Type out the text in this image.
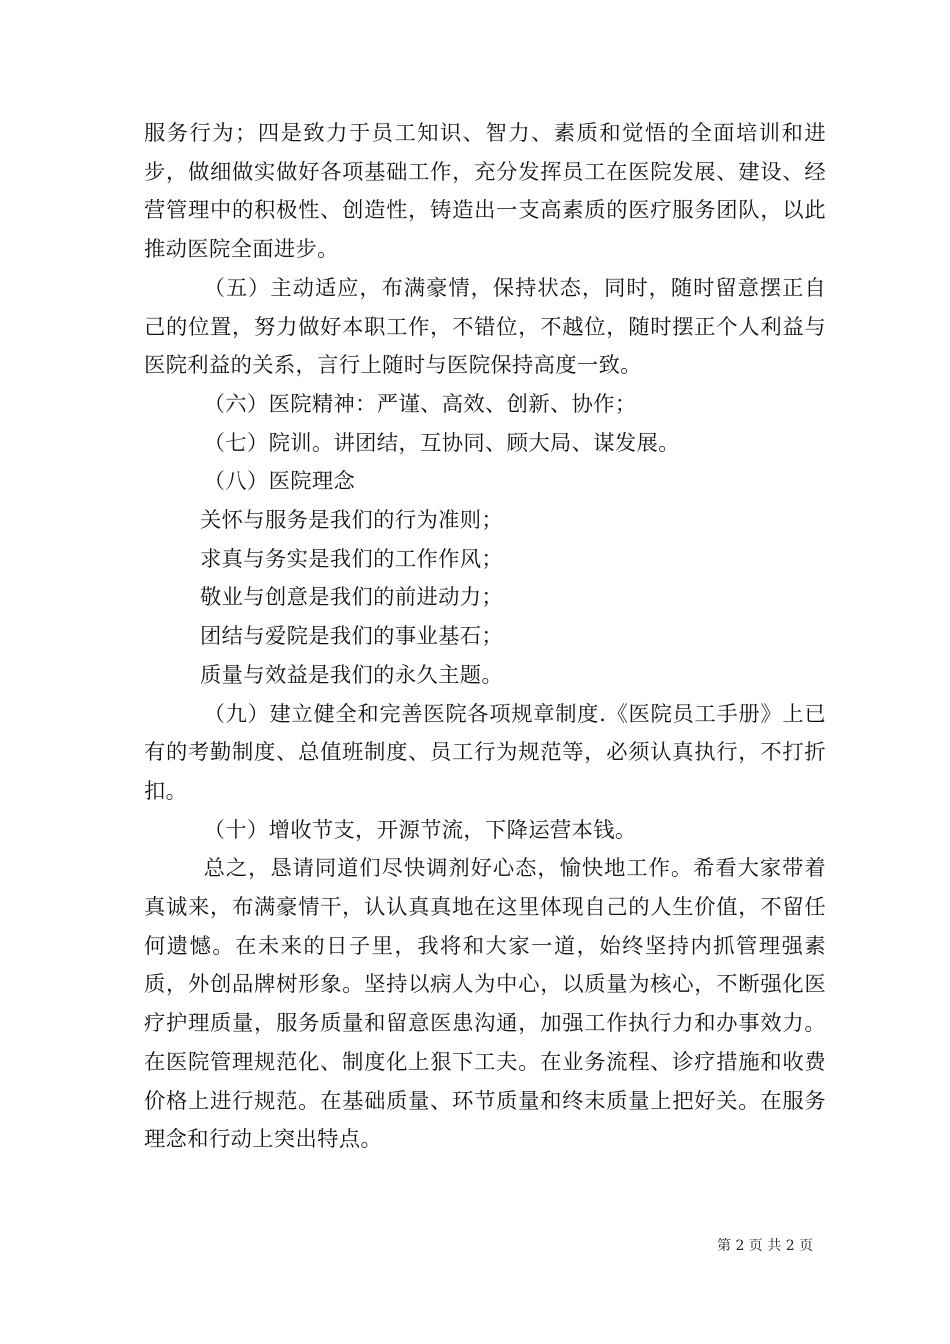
服务行为；四是致力于员工知识、智力、素质和觉悟的全面培训和进步，做细做实做好各项基础工作，充分发挥员工在医院发展、建设、经营管理中的积极性、创造性，铸造出一支高素质的医疗服务团队，以此推动医院全面进步。

（五）主动适应，布满豪情，保持状态，同时，随时留意摆正自己的位置，努力做好本职工作，不错位，不越位，随时摆正个人利益与医院利益的关系，言行上随时与医院保持高度一致。

（六）医院精神：严谨、高效、创新、协作；

（七）院训。讲团结，互协同、顾大局、谋发展。

（八）医院理念

关怀与服务是我们的行为准则；

求真与务实是我们的工作作风；

敬业与创意是我们的前进动力；

团结与爱院是我们的事业基石；

质量与效益是我们的永久主题。

（九）建立健全和完善医院各项规章制度.《医院员工手册》上已有的考勤制度、总值班制度、员工行为规范等，必须认真执行，不打折扣。

（十）增收节支，开源节流，下降运营本钱。

总之，恳请同道们尽快调剂好心态，愉快地工作。希看大家带着真诚来，布满豪情干，认认真真地在这里体现自己的人生价值，不留任何遗憾。在未来的日子里，我将和大家一道，始终坚持内抓管理强素质，外创品牌树形象。坚持以病人为中心，以质量为核心，不断强化医疗护理质量，服务质量和留意医患沟通，加强工作执行力和办事效力。在医院管理规范化、制度化上狠下工夫。在业务流程、诊疗措施和收费价格上进行规范。在基础质量、环节质量和终末质量上把好关。在服务理念和行动上突出特点。

第 2 页 共 2 页
